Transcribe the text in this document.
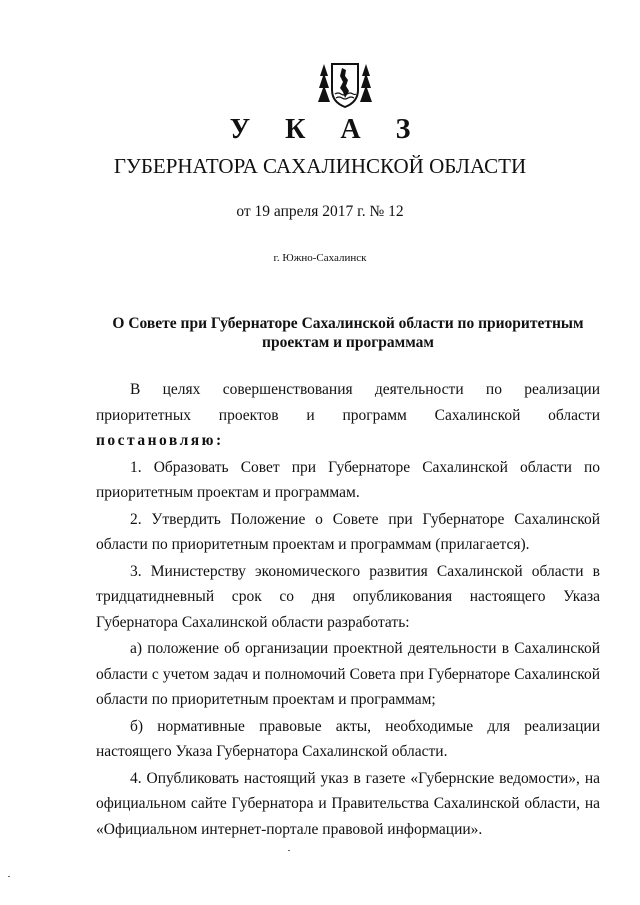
У К А З
ГУБЕРНАТОРА САХАЛИНСКОЙ ОБЛАСТИ
от 19 апреля 2017 г. № 12
г. Южно-Сахалинск
О Совете при Губернаторе Сахалинской области по приоритетным
проектам и программам

В целях совершенствования деятельности по реализации приоритетных проектов и программ Сахалинской области постановляю:

1. Образовать Совет при Губернаторе Сахалинской области по приоритетным проектам и программам.

2. Утвердить Положение о Совете при Губернаторе Сахалинской области по приоритетным проектам и программам (прилагается).

3. Министерству экономического развития Сахалинской области в тридцатидневный срок со дня опубликования настоящего Указа Губернатора Сахалинской области разработать:

а) положение об организации проектной деятельности в Сахалинской области с учетом задач и полномочий Совета при Губернаторе Сахалинской области по приоритетным проектам и программам;

б) нормативные правовые акты, необходимые для реализации настоящего Указа Губернатора Сахалинской области.

4. Опубликовать настоящий указ в газете «Губернские ведомости», на официальном сайте Губернатора и Правительства Сахалинской области, на «Официальном интернет-портале правовой информации».
